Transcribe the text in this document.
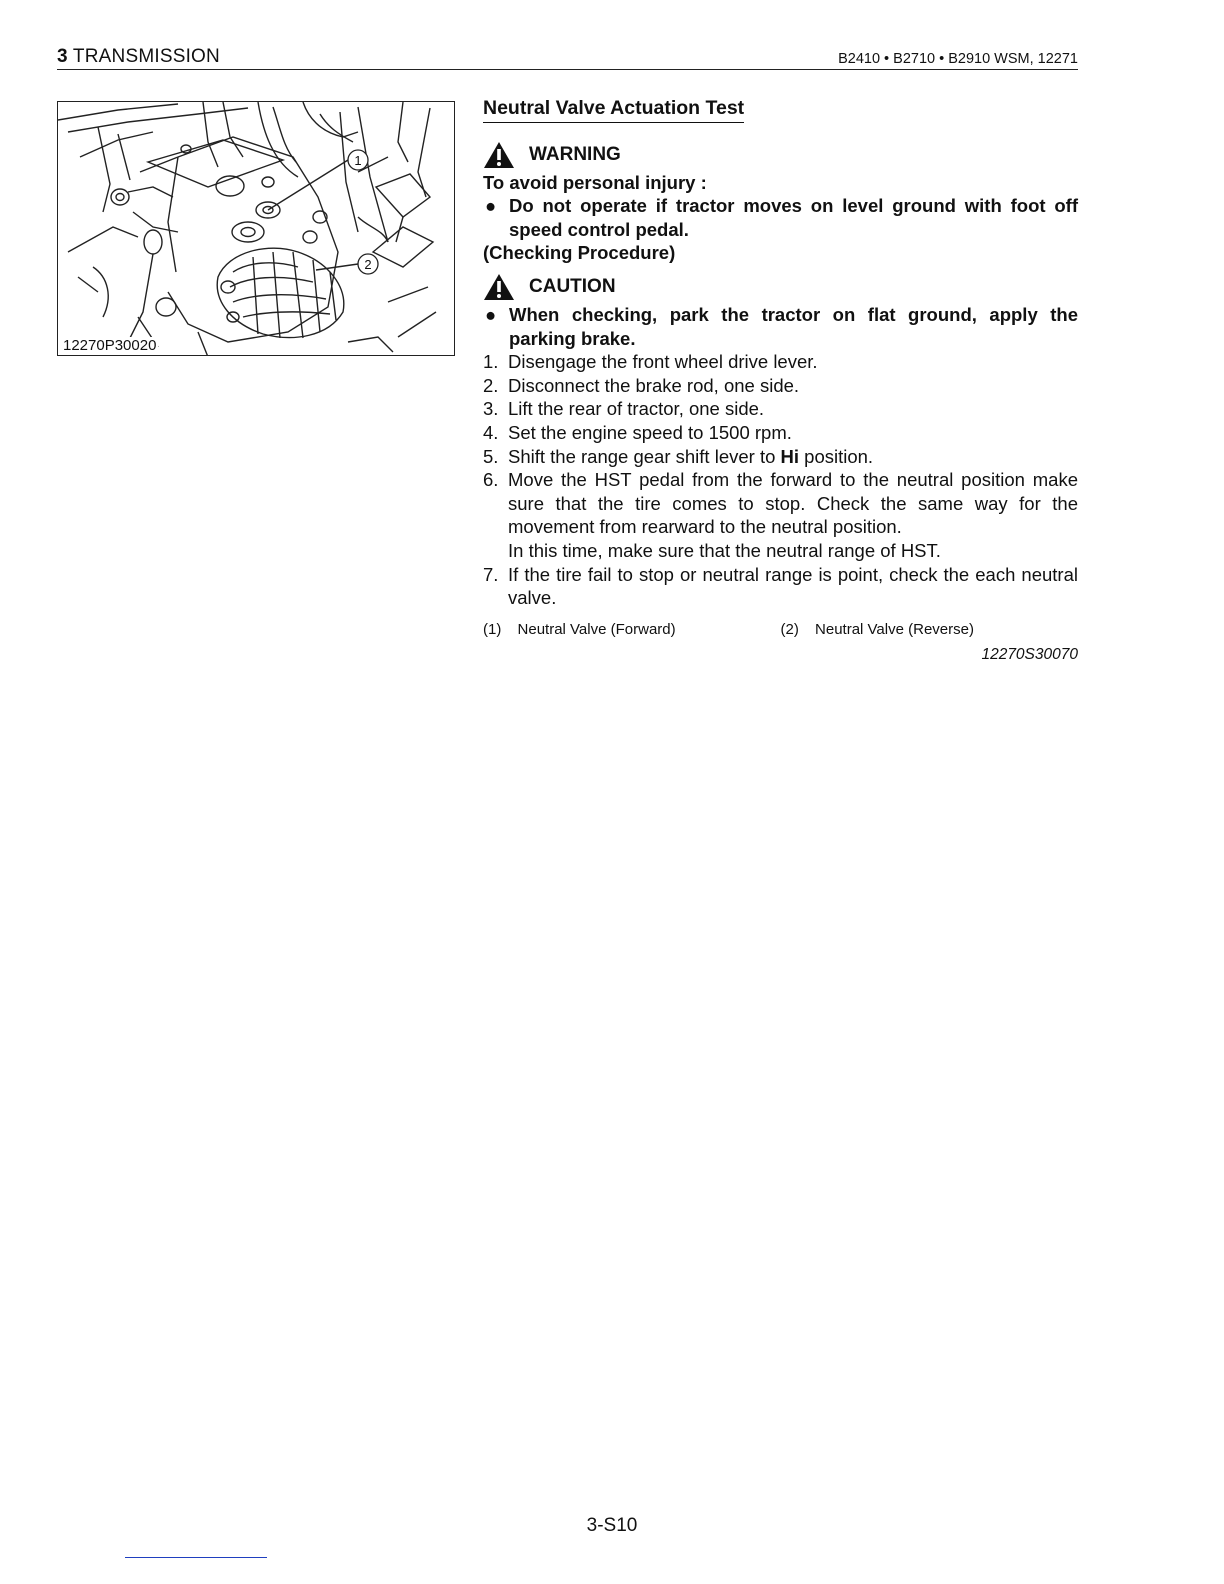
3 TRANSMISSION	B2410 • B2710 • B2910 WSM, 12271
1
2
12270P30020
Neutral Valve Actuation Test
WARNING
To avoid personal injury :
● Do not operate if tractor moves on level ground with foot off speed control pedal.
(Checking Procedure)
CAUTION
● When checking, park the tractor on flat ground, apply the parking brake.
1. Disengage the front wheel drive lever.
2. Disconnect the brake rod, one side.
3. Lift the rear of tractor, one side.
4. Set the engine speed to 1500 rpm.
5. Shift the range gear shift lever to Hi position.
6. Move the HST pedal from the forward to the neutral position make sure that the tire comes to stop. Check the same way for the movement from rearward to the neutral position.
In this time, make sure that the neutral range of HST.
7. If the tire fail to stop or neutral range is point, check the each neutral valve.
(1) Neutral Valve (Forward)	(2) Neutral Valve (Reverse)
12270S30070
3-S10
